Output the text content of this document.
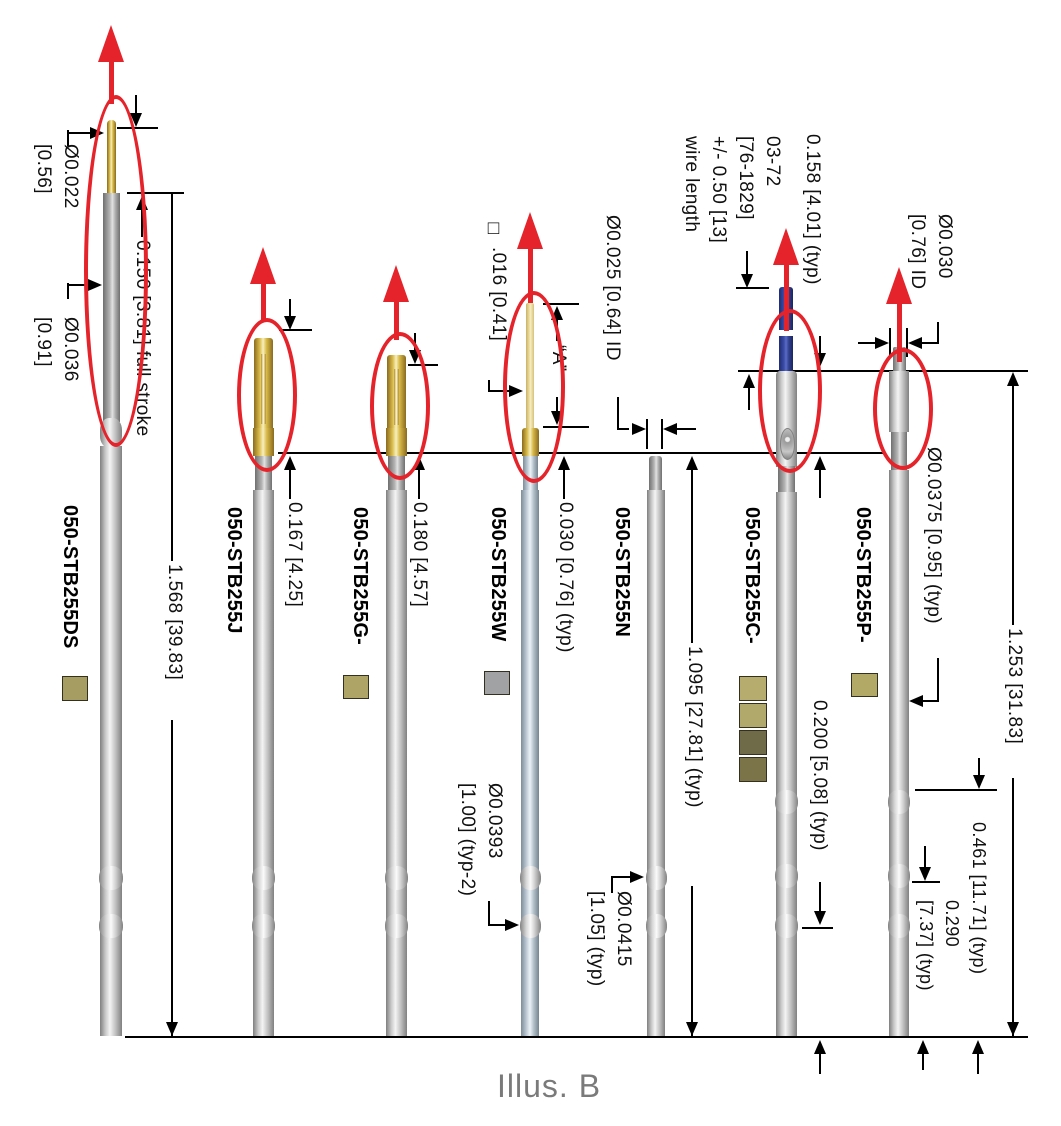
050-STB255DS	050-STB255J	050-STB255G-	050-STB255W	050-STB255N	050-STB255C-	050-STB255P-
Ø0.022
[0.56]
Ø0.036
[0.91]	0.150 [3.81] full stroke
1.568 [39.83]
0.167 [4.25]	0.180 [4.57]
□
.016 [0.41]
“A”
0.030 [0.76] (typ)
Ø0.0393
[1.00] (typ-2)
Ø0.025 [0.64] ID
1.095 [27.81] (typ)
Ø0.0415
[1.05] (typ)
03-72
[76-1829]
+/- 0.50 [13]
wire length	0.158 [4.01] (typ)
0.200 [5.08] (typ)
Ø0.030
[0.76] ID
Ø0.0375 [0.95] (typ)
1.253 [31.83]
0.461 [11.71] (typ)
0.290
[7.37] (typ)
Illus. B
